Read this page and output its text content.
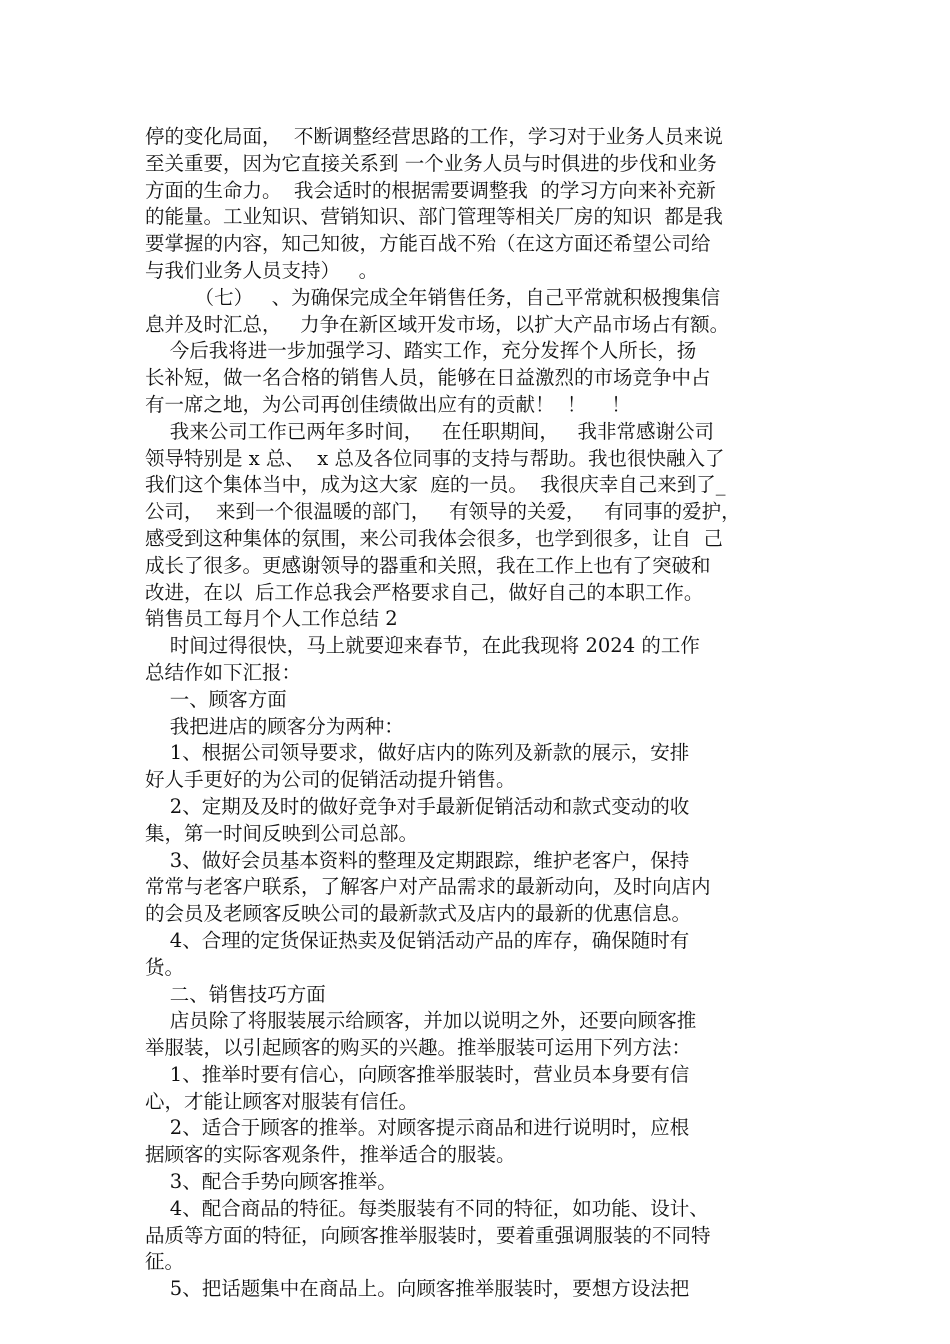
停的变化局面，  不断调整经营思路的工作，学习对于业务人员来说
至关重要，因为它直接关系到 一个业务人员与时俱进的步伐和业务
方面的生命力。  我会适时的根据需要调整我  的学习方向来补充新
的能量。工业知识、营销知识、部门管理等相关厂房的知识  都是我
要掌握的内容，知己知彼，方能百战不殆（在这方面还希望公司给
与我们业务人员支持）   。
（七）   、为确保完成全年销售任务，自己平常就积极搜集信
息并及时汇总，   力争在新区域开发市场，以扩大产品市场占有额。
今后我将进一步加强学习、踏实工作，充分发挥个人所长，扬
长补短，做一名合格的销售人员，能够在日益激烈的市场竞争中占
有一席之地，为公司再创佳绩做出应有的贡献！  ！    ！
我来公司工作已两年多时间，   在任职期间，   我非常感谢公司
领导特别是 x 总、  x 总及各位同事的支持与帮助。我也很快融入了
我们这个集体当中，成为这大家  庭的一员。  我很庆幸自己来到了_
公司，  来到一个很温暖的部门，   有领导的关爱，   有同事的爱护，
感受到这种集体的氛围，来公司我体会很多，也学到很多，让自  己
成长了很多。更感谢领导的器重和关照，我在工作上也有了突破和
改进，在以  后工作总我会严格要求自己，做好自己的本职工作。
销售员工每月个人工作总结 2
时间过得很快，马上就要迎来春节，在此我现将 2024 的工作
总结作如下汇报：
一、顾客方面
我把进店的顾客分为两种：
1、根据公司领导要求，做好店内的陈列及新款的展示，安排
好人手更好的为公司的促销活动提升销售。
2、定期及及时的做好竞争对手最新促销活动和款式变动的收
集，第一时间反映到公司总部。
3、做好会员基本资料的整理及定期跟踪，维护老客户，保持
常常与老客户联系，了解客户对产品需求的最新动向，及时向店内
的会员及老顾客反映公司的最新款式及店内的最新的优惠信息。
4、合理的定货保证热卖及促销活动产品的库存，确保随时有
货。
二、销售技巧方面
店员除了将服装展示给顾客，并加以说明之外，还要向顾客推
举服装，以引起顾客的购买的兴趣。推举服装可运用下列方法：
1、推举时要有信心，向顾客推举服装时，营业员本身要有信
心，才能让顾客对服装有信任。
2、适合于顾客的推举。对顾客提示商品和进行说明时，应根
据顾客的实际客观条件，推举适合的服装。
3、配合手势向顾客推举。
4、配合商品的特征。每类服装有不同的特征，如功能、设计、
品质等方面的特征，向顾客推举服装时，要着重强调服装的不同特
征。
5、把话题集中在商品上。向顾客推举服装时，要想方设法把
